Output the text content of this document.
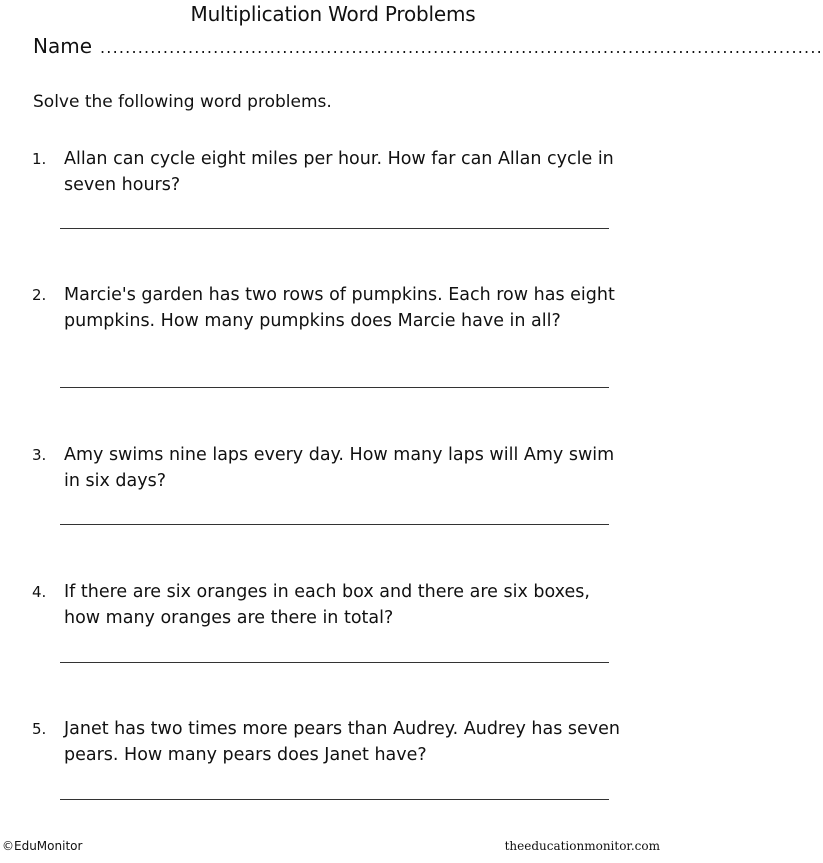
Multiplication Word Problems
Name ...................................................................................................................
Solve the following word problems.
1.	Allan can cycle eight miles per hour. How far can Allan cycle in seven hours?
2.	Marcie's garden has two rows of pumpkins. Each row has eight pumpkins. How many pumpkins does Marcie have in all?
3.	Amy swims nine laps every day. How many laps will Amy swim in six days?
4.	If there are six oranges in each box and there are six boxes, how many oranges are there in total?
5.	Janet has two times more pears than Audrey. Audrey has seven pears. How many pears does Janet have?
©EduMonitor	theeducationmonitor.com
